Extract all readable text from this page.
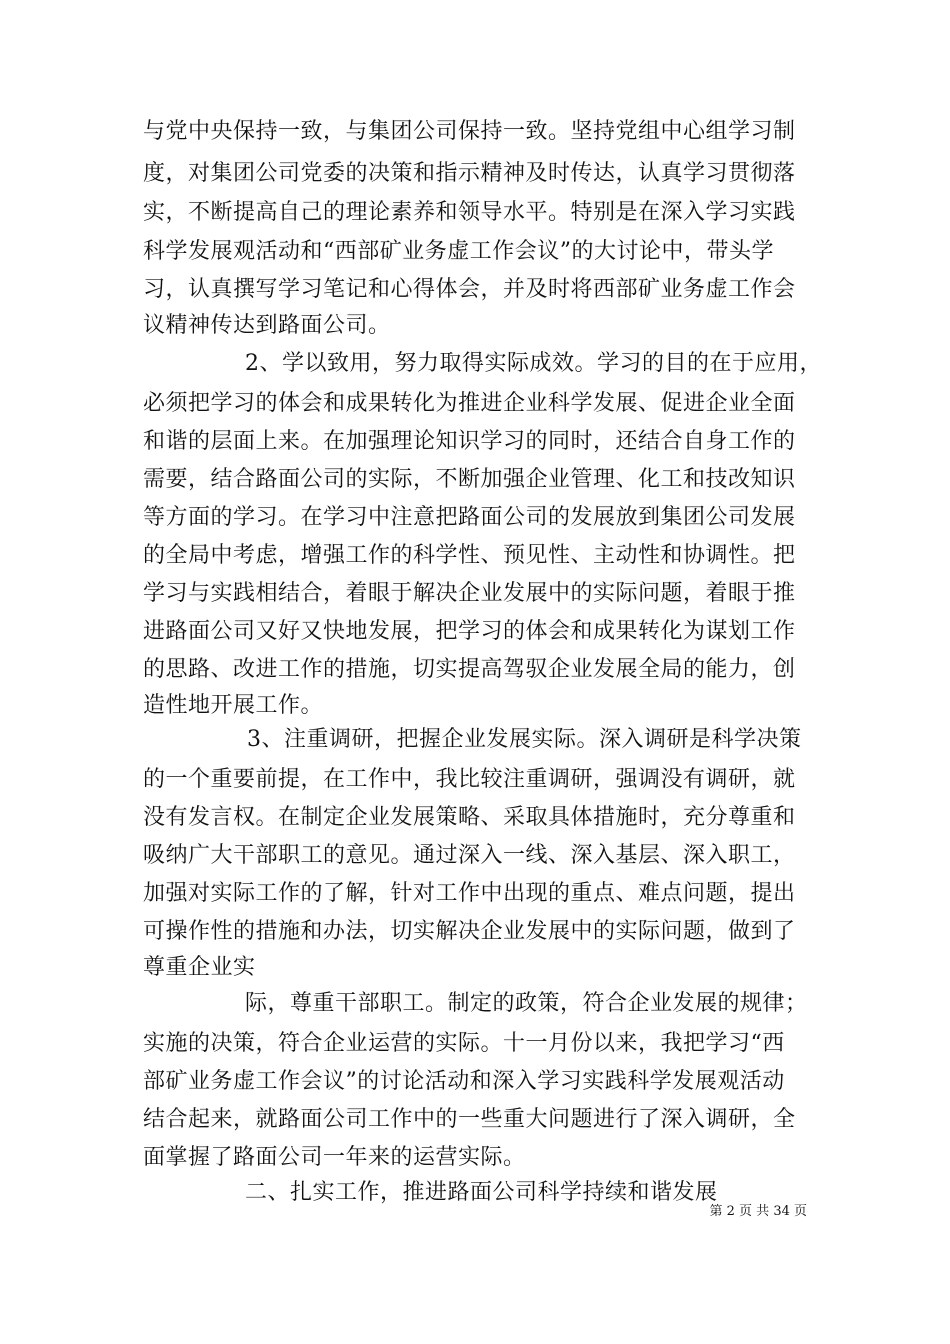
与党中央保持一致，与集团公司保持一致。坚持党组中心组学习制
度，对集团公司党委的决策和指示精神及时传达，认真学习贯彻落
实，不断提高自己的理论素养和领导水平。特别是在深入学习实践
科学发展观活动和“西部矿业务虚工作会议”的大讨论中，带头学
习，认真撰写学习笔记和心得体会，并及时将西部矿业务虚工作会
议精神传达到路面公司。
2、学以致用，努力取得实际成效。学习的目的在于应用，
必须把学习的体会和成果转化为推进企业科学发展、促进企业全面
和谐的层面上来。在加强理论知识学习的同时，还结合自身工作的
需要，结合路面公司的实际，不断加强企业管理、化工和技改知识
等方面的学习。在学习中注意把路面公司的发展放到集团公司发展
的全局中考虑，增强工作的科学性、预见性、主动性和协调性。把
学习与实践相结合，着眼于解决企业发展中的实际问题，着眼于推
进路面公司又好又快地发展，把学习的体会和成果转化为谋划工作
的思路、改进工作的措施，切实提高驾驭企业发展全局的能力，创
造性地开展工作。
3、注重调研，把握企业发展实际。深入调研是科学决策
的一个重要前提，在工作中，我比较注重调研，强调没有调研，就
没有发言权。在制定企业发展策略、采取具体措施时，充分尊重和
吸纳广大干部职工的意见。通过深入一线、深入基层、深入职工，
加强对实际工作的了解，针对工作中出现的重点、难点问题，提出
可操作性的措施和办法，切实解决企业发展中的实际问题，做到了
尊重企业实
际，尊重干部职工。制定的政策，符合企业发展的规律；
实施的决策，符合企业运营的实际。十一月份以来，我把学习“西
部矿业务虚工作会议”的讨论活动和深入学习实践科学发展观活动
结合起来，就路面公司工作中的一些重大问题进行了深入调研，全
面掌握了路面公司一年来的运营实际。
二、扎实工作，推进路面公司科学持续和谐发展
第 2 页 共 34 页
